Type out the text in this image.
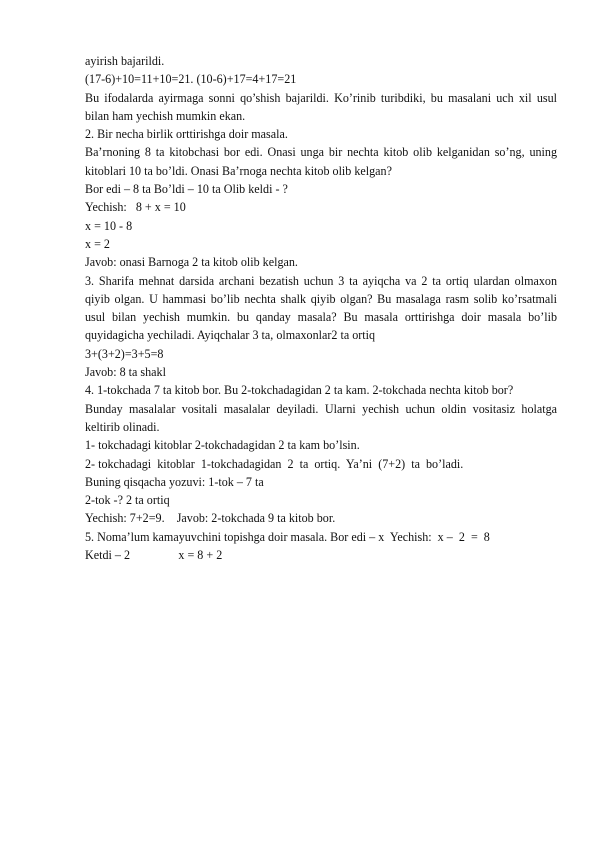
ayirish bajarildi.

(17-6)+10=11+10=21. (10-6)+17=4+17=21

Bu ifodalarda ayirmaga sonni qo’shish bajarildi. Ko’rinib turibdiki, bu masalani uch xil usul bilan ham yechish mumkin ekan.

2. Bir necha birlik orttirishga doir masala.

Ba’rnoning 8 ta kitobchasi bor edi. Onasi unga bir nechta kitob olib kelganidan so’ng, uning kitoblari 10 ta bo’ldi. Onasi Ba’rnoga nechta kitob olib kelgan?

Bor edi – 8 ta Bo’ldi – 10 ta Olib keldi - ?

Yechish:   8 + x = 10

x = 10 - 8

x = 2

Javob: onasi Barnoga 2 ta kitob olib kelgan.

3. Sharifa mehnat darsida archani bezatish uchun 3 ta ayiqcha va 2 ta ortiq ulardan olmaxon qiyib olgan. U hammasi bo’lib nechta shalk qiyib olgan? Bu masalaga rasm solib ko’rsatmali usul bilan yechish mumkin. bu qanday masala? Bu masala orttirishga doir masala bo’lib quyidagicha yechiladi. Ayiqchalar 3 ta, olmaxonlar2 ta ortiq

3+(3+2)=3+5=8

Javob: 8 ta shakl

4. 1-tokchada 7 ta kitob bor. Bu 2-tokchadagidan 2 ta kam. 2-tokchada nechta kitob bor?

Bunday masalalar vositali masalalar deyiladi. Ularni yechish uchun oldin vositasiz holatga keltirib olinadi.

1- tokchadagi kitoblar 2-tokchadagidan 2 ta kam bo’lsin.

2- tokchadagi  kitoblar  1-tokchadagidan  2  ta  ortiq.  Ya’ni  (7+2)  ta  bo’ladi.

Buning qisqacha yozuvi: 1-tok – 7 ta

2-tok -? 2 ta ortiq

Yechish: 7+2=9.    Javob: 2-tokchada 9 ta kitob bor.

5. Noma’lum kamayuvchini topishga doir masala. Bor edi – x  Yechish:  x –  2  =  8

Ketdi – 2                x = 8 + 2
